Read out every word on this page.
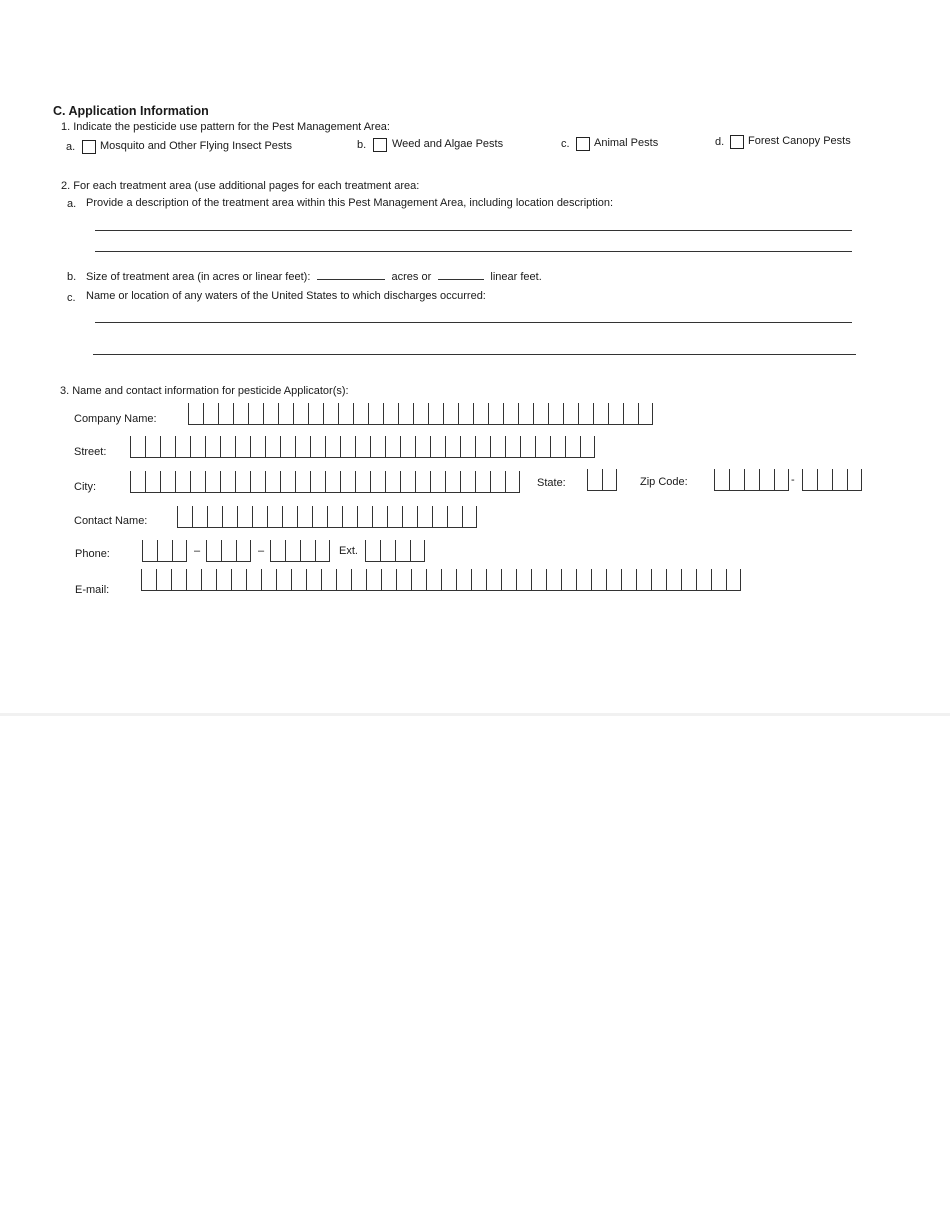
C. Application Information
1. Indicate the pesticide use pattern for the Pest Management Area:
a. Mosquito and Other Flying Insect Pests	b. Weed and Algae Pests	c. Animal Pests	d. Forest Canopy Pests
2. For each treatment area (use additional pages for each treatment area:
a. Provide a description of the treatment area within this Pest Management Area, including location description:
b. Size of treatment area (in acres or linear feet):	acres or	linear feet.
c. Name or location of any waters of the United States to which discharges occurred:
3. Name and contact information for pesticide Applicator(s):
Company Name:
Street:
City:	State:	Zip Code:	-
Contact Name:
Phone:	–	–	Ext.
E-mail:
